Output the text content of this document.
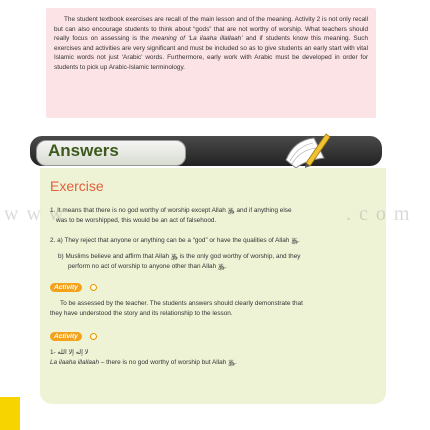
The student textbook exercises are recall of the main lesson and of the meaning. Activity 2 is not only recall but can also encourage students to think about “gods” that are not worthy of worship. What teachers should really focus on assessing is the meaning of ‘La ilaaha illallaah’ and if students know this meaning. Such exercises and activities are very significant and must be included so as to give students an early start with vital Islamic words not just ‘Arabic’ words. Furthermore, early work with Arabic must be developed in order for students to pick up Arabic-Islamic terminology.
Answers
Exercise
www	.com
1. It means that there is no god worthy of worship except Allah ﷿ and if anything else
was to be worshipped, this would be an act of falsehood.
2. a) They reject that anyone or anything can be a “god” or have the qualities of Allah ﷿.
b) Muslims believe and affirm that Allah ﷿ is the only god worthy of worship, and they
perform no act of worship to anyone other than Allah ﷿.
Activity
To be assessed by the teacher. The students answers should clearly demonstrate that
they have understood the story and its relationship to the lesson.
Activity
1- لا إله إلا الله
La ilaaha illallaah – there is no god worthy of worship but Allah ﷿.
